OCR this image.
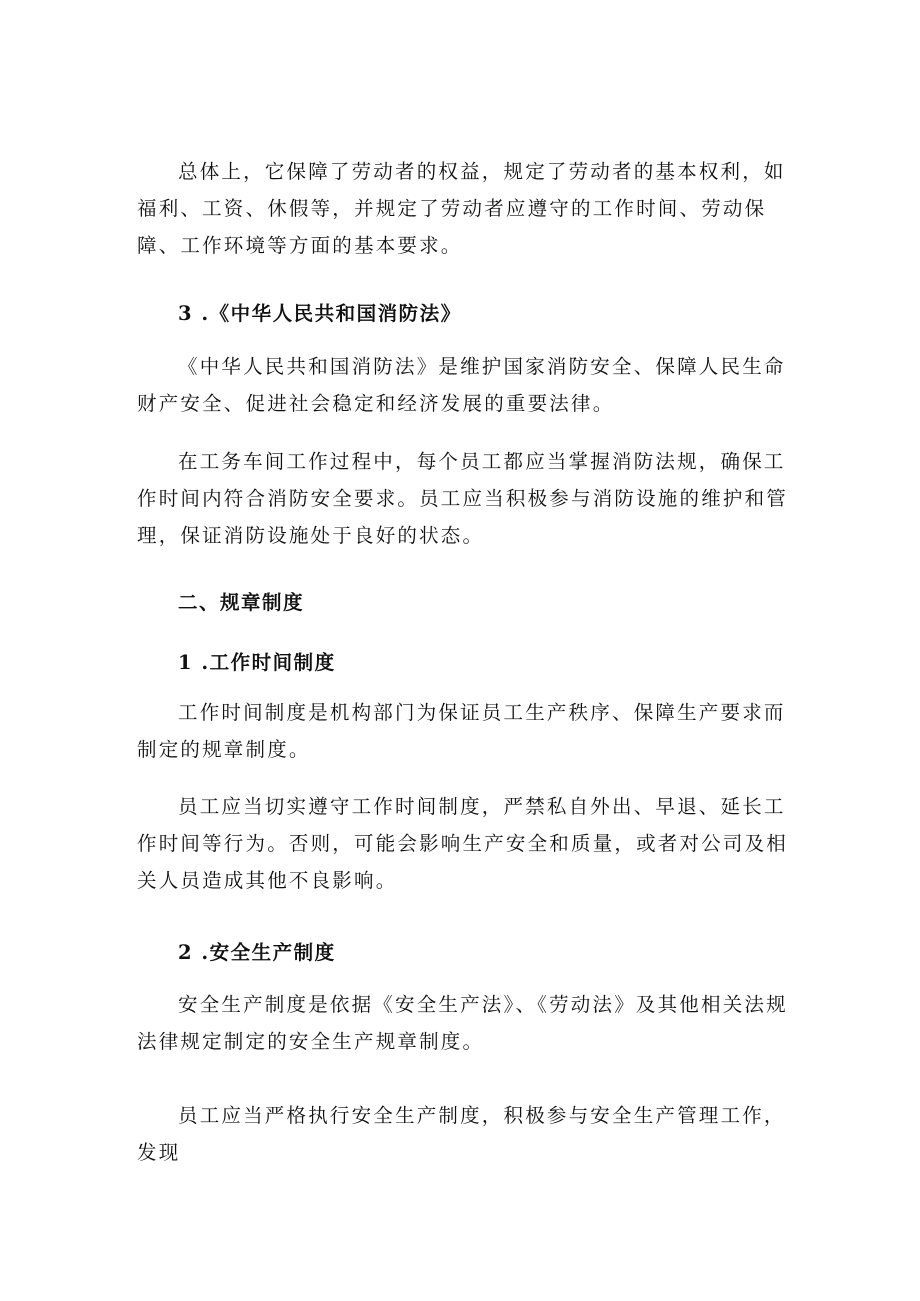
总体上，它保障了劳动者的权益，规定了劳动者的基本权利，如福利、工资、休假等，并规定了劳动者应遵守的工作时间、劳动保障、工作环境等方面的基本要求。

3 .《中华人民共和国消防法》

《中华人民共和国消防法》是维护国家消防安全、保障人民生命财产安全、促进社会稳定和经济发展的重要法律。

在工务车间工作过程中，每个员工都应当掌握消防法规，确保工作时间内符合消防安全要求。员工应当积极参与消防设施的维护和管理，保证消防设施处于良好的状态。

二、规章制度

1 .工作时间制度

工作时间制度是机构部门为保证员工生产秩序、保障生产要求而制定的规章制度。

员工应当切实遵守工作时间制度，严禁私自外出、早退、延长工作时间等行为。否则，可能会影响生产安全和质量，或者对公司及相关人员造成其他不良影响。

2 .安全生产制度

安全生产制度是依据《安全生产法》、《劳动法》及其他相关法规法律规定制定的安全生产规章制度。

员工应当严格执行安全生产制度，积极参与安全生产管理工作，发现
